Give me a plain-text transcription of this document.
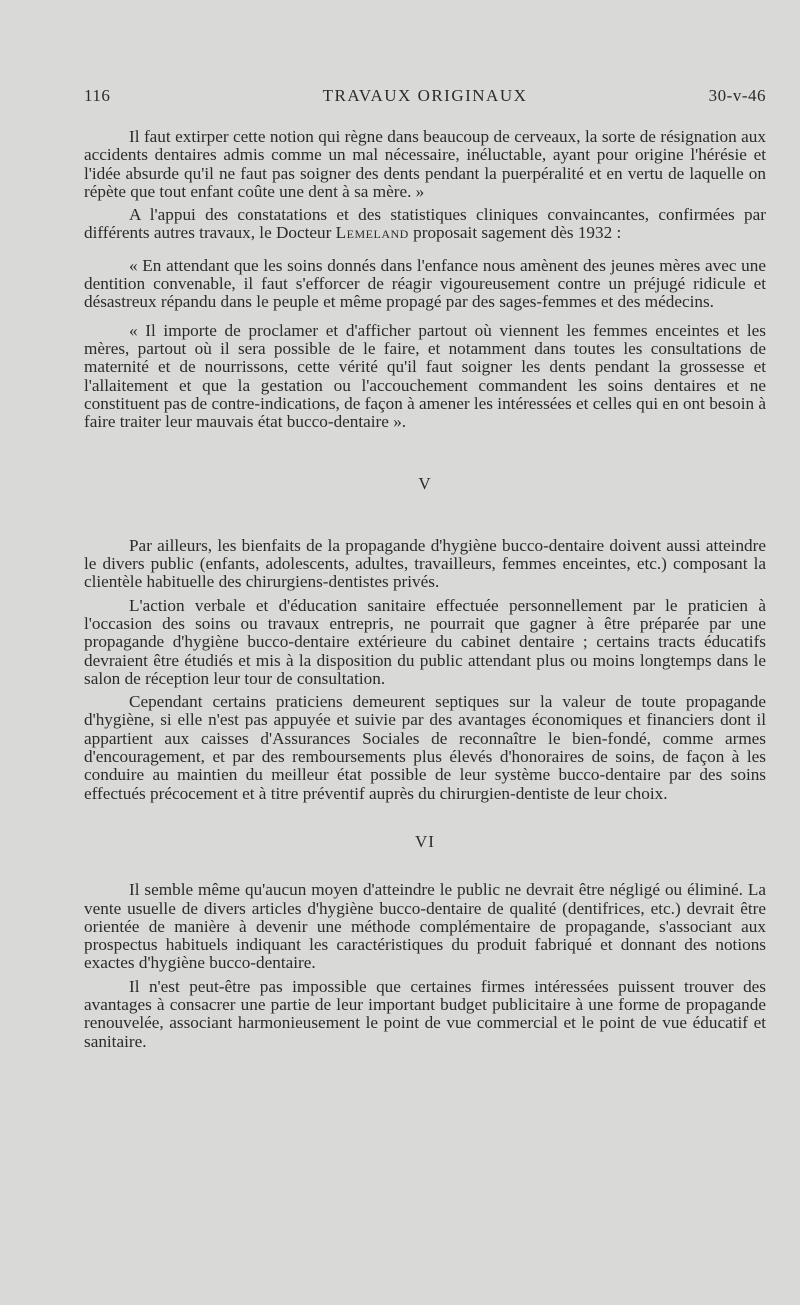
116	TRAVAUX ORIGINAUX	30-v-46

Il faut extirper cette notion qui règne dans beaucoup de cerveaux, la sorte de résignation aux accidents dentaires admis comme un mal nécessaire, inéluctable, ayant pour origine l'hérésie et l'idée absurde qu'il ne faut pas soigner des dents pendant la puerpéralité et en vertu de laquelle on répète que tout enfant coûte une dent à sa mère. »

A l'appui des constatations et des statistiques cliniques convaincantes, confirmées par différents autres travaux, le Docteur Lemeland proposait sagement dès 1932 :

« En attendant que les soins donnés dans l'enfance nous amènent des jeunes mères avec une dentition convenable, il faut s'efforcer de réagir vigoureusement contre un préjugé ridicule et désastreux répandu dans le peuple et même propagé par des sages-femmes et des médecins.

« Il importe de proclamer et d'afficher partout où viennent les femmes enceintes et les mères, partout où il sera possible de le faire, et notamment dans toutes les consultations de maternité et de nourrissons, cette vérité qu'il faut soigner les dents pendant la grossesse et l'allaitement et que la gestation ou l'accouchement commandent les soins dentaires et ne constituent pas de contre-indications, de façon à amener les intéressées et celles qui en ont besoin à faire traiter leur mauvais état bucco-dentaire ».

V

Par ailleurs, les bienfaits de la propagande d'hygiène bucco-dentaire doivent aussi atteindre le divers public (enfants, adolescents, adultes, travailleurs, femmes enceintes, etc.) composant la clientèle habituelle des chirurgiens-dentistes privés.

L'action verbale et d'éducation sanitaire effectuée personnellement par le praticien à l'occasion des soins ou travaux entrepris, ne pourrait que gagner à être préparée par une propagande d'hygiène bucco-dentaire extérieure du cabinet dentaire ; certains tracts éducatifs devraient être étudiés et mis à la disposition du public attendant plus ou moins longtemps dans le salon de réception leur tour de consultation.

Cependant certains praticiens demeurent septiques sur la valeur de toute propagande d'hygiène, si elle n'est pas appuyée et suivie par des avantages économiques et financiers dont il appartient aux caisses d'Assurances Sociales de reconnaître le bien-fondé, comme armes d'encouragement, et par des remboursements plus élevés d'honoraires de soins, de façon à les conduire au maintien du meilleur état possible de leur système bucco-dentaire par des soins effectués précocement et à titre préventif auprès du chirurgien-dentiste de leur choix.

VI

Il semble même qu'aucun moyen d'atteindre le public ne devrait être négligé ou éliminé. La vente usuelle de divers articles d'hygiène bucco-dentaire de qualité (dentifrices, etc.) devrait être orientée de manière à devenir une méthode complémentaire de propagande, s'associant aux prospectus habituels indiquant les caractéristiques du produit fabriqué et donnant des notions exactes d'hygiène bucco-dentaire.

Il n'est peut-être pas impossible que certaines firmes intéressées puissent trouver des avantages à consacrer une partie de leur important budget publicitaire à une forme de propagande renouvelée, associant harmonieusement le point de vue commercial et le point de vue éducatif et sanitaire.
